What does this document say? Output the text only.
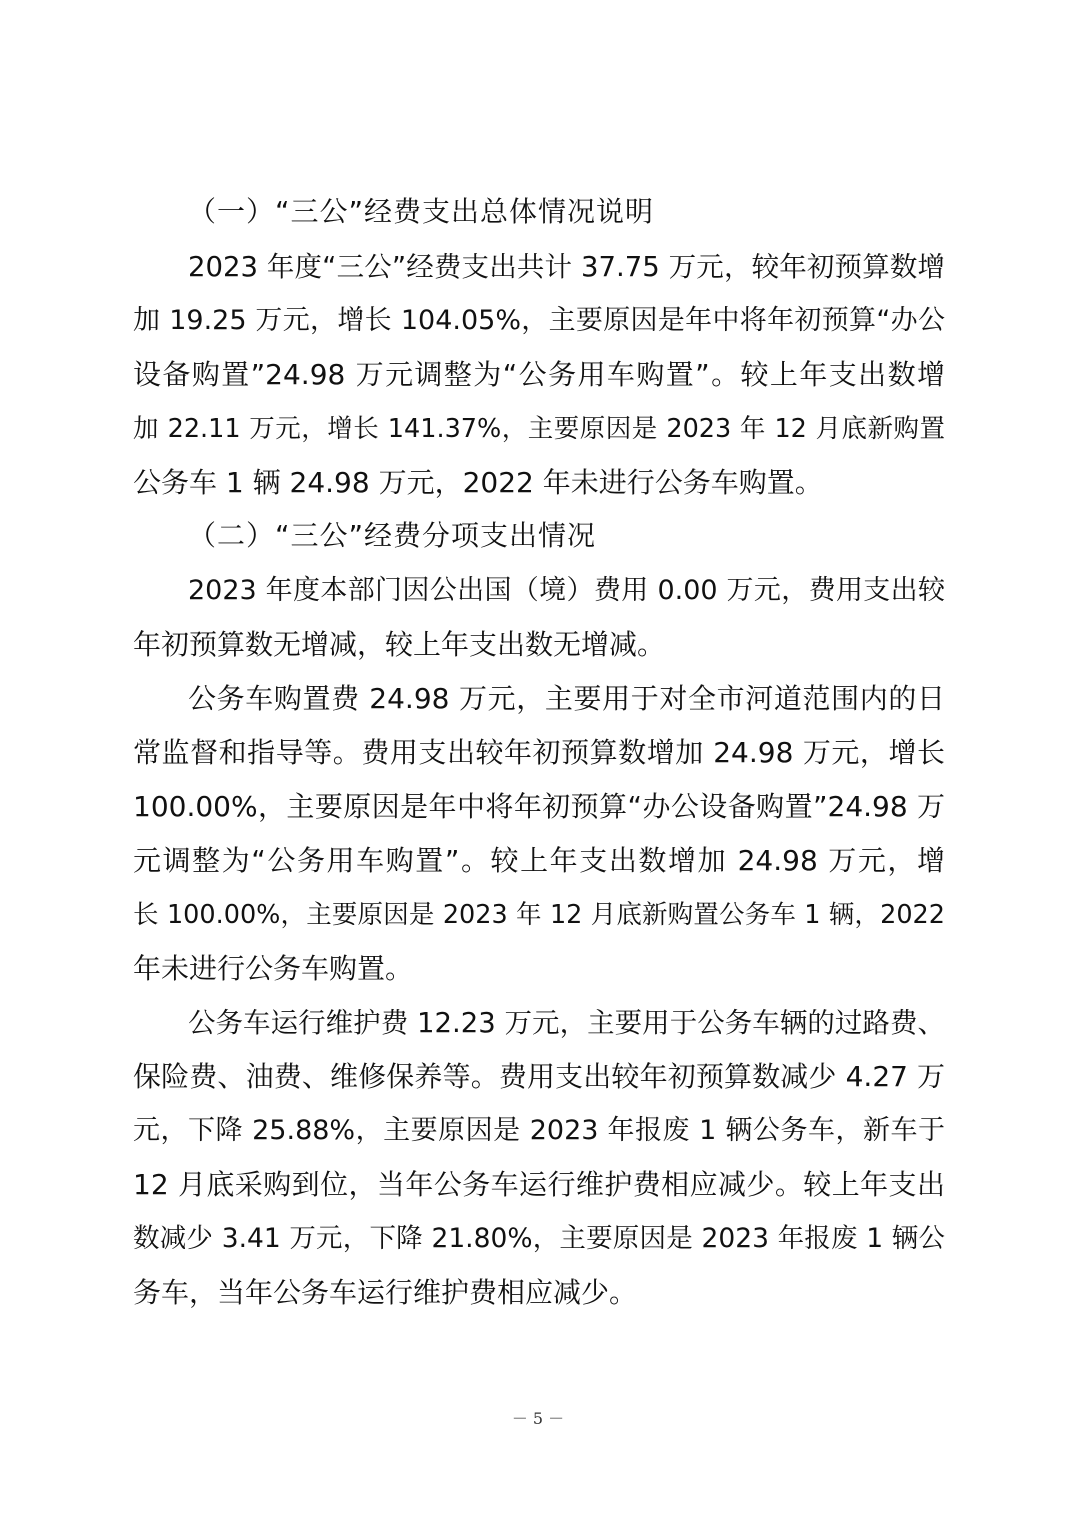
（一）“三公”经费支出总体情况说明
2023 年度“三公”经费支出共计 37.75 万元，较年初预算数增
加 19.25 万元，增长 104.05%，主要原因是年中将年初预算“办公
设备购置”24.98 万元调整为“公务用车购置”。较上年支出数增
加 22.11 万元，增长 141.37%，主要原因是 2023 年 12 月底新购置
公务车 1 辆 24.98 万元，2022 年未进行公务车购置。
（二）“三公”经费分项支出情况
2023 年度本部门因公出国（境）费用 0.00 万元，费用支出较
年初预算数无增减，较上年支出数无增减。
公务车购置费 24.98 万元，主要用于对全市河道范围内的日
常监督和指导等。费用支出较年初预算数增加 24.98 万元，增长
100.00%，主要原因是年中将年初预算“办公设备购置”24.98 万
元调整为“公务用车购置”。较上年支出数增加 24.98 万元，增
长 100.00%，主要原因是 2023 年 12 月底新购置公务车 1 辆，2022
年未进行公务车购置。
公务车运行维护费 12.23 万元，主要用于公务车辆的过路费、
保险费、油费、维修保养等。费用支出较年初预算数减少 4.27 万
元，下降 25.88%，主要原因是 2023 年报废 1 辆公务车，新车于
12 月底采购到位，当年公务车运行维护费相应减少。较上年支出
数减少 3.41 万元，下降 21.80%，主要原因是 2023 年报废 1 辆公
务车，当年公务车运行维护费相应减少。
－ 5 －
